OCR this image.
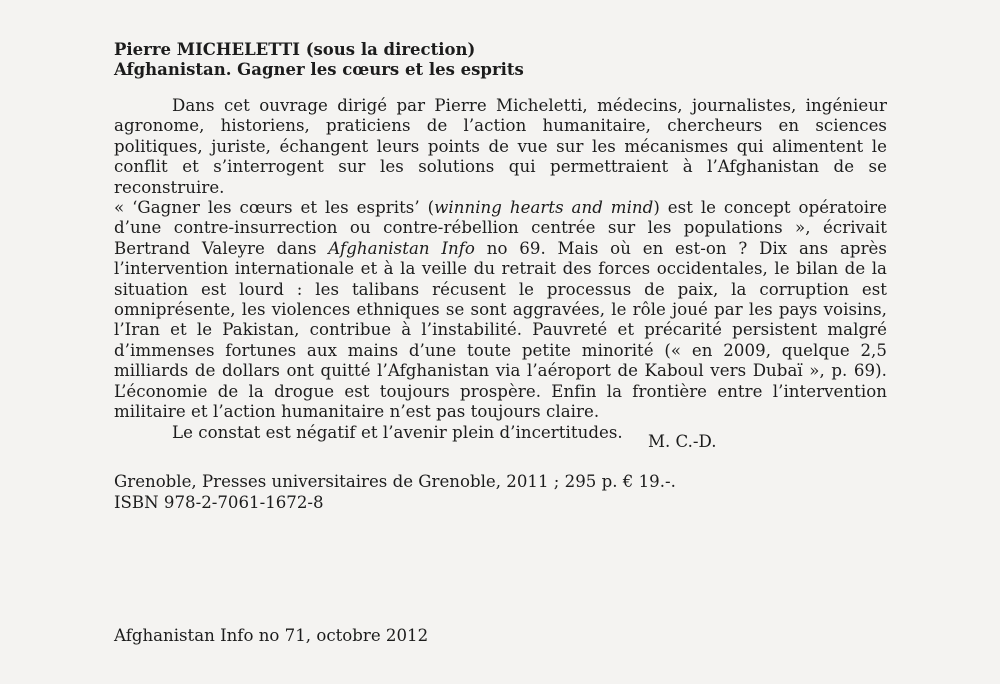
Pierre MICHELETTI (sous la direction)
Afghanistan. Gagner les cœurs et les esprits

Dans cet ouvrage dirigé par Pierre Micheletti, médecins, journalistes, ingénieur agronome, historiens, praticiens de l’action humanitaire, chercheurs en sciences politiques, juriste, échangent leurs points de vue sur les mécanismes qui alimentent le conflit et s’interrogent sur les solutions qui permettraient à l’Afghanistan de se reconstruire.

« ‘Gagner les cœurs et les esprits’ (winning hearts and mind) est le concept opératoire d’une contre-insurrection ou contre-rébellion centrée sur les populations », écrivait Bertrand Valeyre dans Afghanistan Info no 69. Mais où en est-on ? Dix ans après l’intervention internationale et à la veille du retrait des forces occidentales, le bilan de la situation est lourd : les talibans récusent le processus de paix, la corruption est omniprésente, les violences ethniques se sont aggravées, le rôle joué par les pays voisins, l’Iran et le Pakistan, contribue à l’instabilité. Pauvreté et précarité persistent malgré d’immenses fortunes aux mains d’une toute petite minorité (« en 2009, quelque 2,5 milliards de dollars ont quitté l’Afghanistan via l’aéroport de Kaboul vers Dubaï », p. 69). L’économie de la drogue est toujours prospère. Enfin la frontière entre l’intervention militaire et l’action humanitaire n’est pas toujours claire.

Le constat est négatif et l’avenir plein d’incertitudes.	M. C.-D.
Grenoble, Presses universitaires de Grenoble, 2011 ; 295 p. € 19.-.
ISBN 978-2-7061-1672-8
Afghanistan Info no 71, octobre 2012
